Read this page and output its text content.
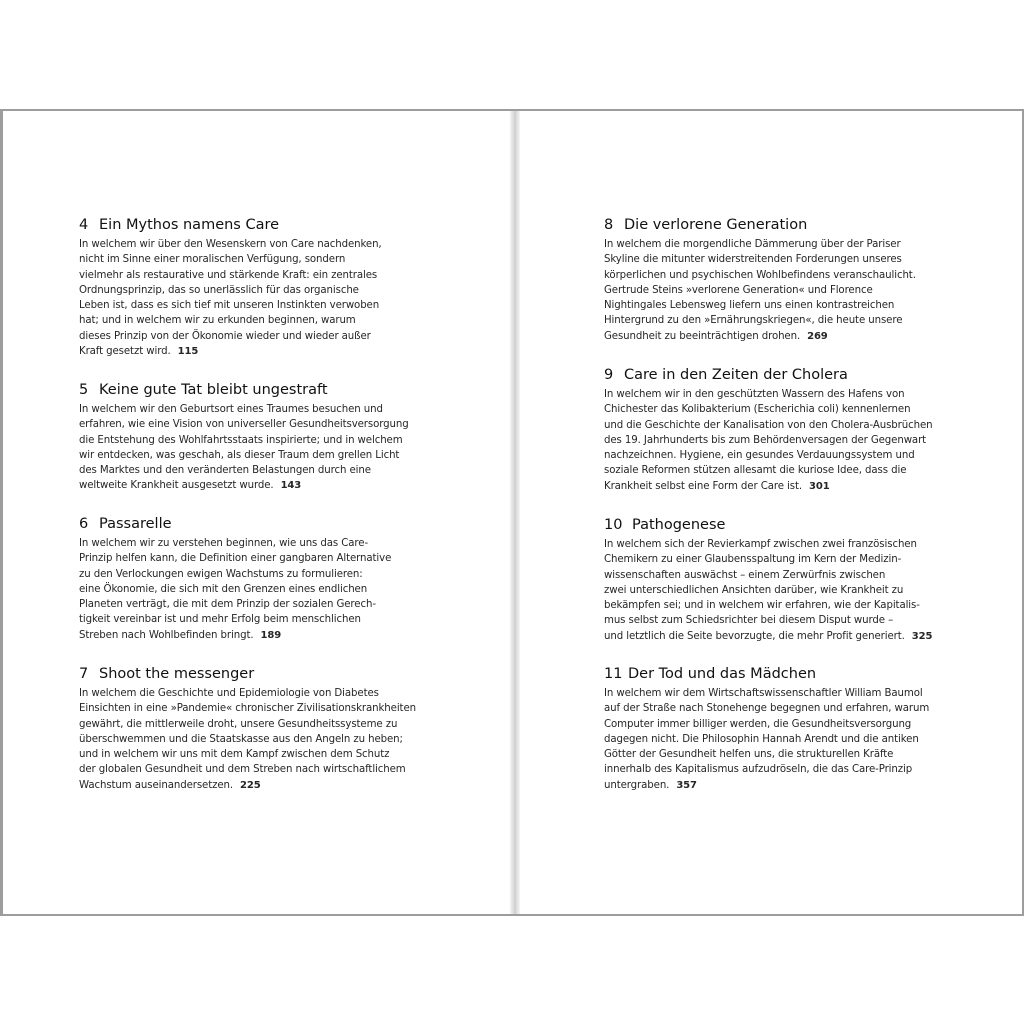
4 Ein Mythos namens Care
In welchem wir über den Wesenskern von Care nachdenken,
nicht im Sinne einer moralischen Verfügung, sondern
vielmehr als restaurative und stärkende Kraft: ein zentrales
Ordnungsprinzip, das so unerlässlich für das organische
Leben ist, dass es sich tief mit unseren Instinkten verwoben
hat; und in welchem wir zu erkunden beginnen, warum
dieses Prinzip von der Ökonomie wieder und wieder außer
Kraft gesetzt wird. 115
5 Keine gute Tat bleibt ungestraft
In welchem wir den Geburtsort eines Traumes besuchen und
erfahren, wie eine Vision von universeller Gesundheitsversorgung
die Entstehung des Wohlfahrtsstaats inspirierte; und in welchem
wir entdecken, was geschah, als dieser Traum dem grellen Licht
des Marktes und den veränderten Belastungen durch eine
weltweite Krankheit ausgesetzt wurde. 143
6 Passarelle
In welchem wir zu verstehen beginnen, wie uns das Care-
Prinzip helfen kann, die Definition einer gangbaren Alternative
zu den Verlockungen ewigen Wachstums zu formulieren:
eine Ökonomie, die sich mit den Grenzen eines endlichen
Planeten verträgt, die mit dem Prinzip der sozialen Gerech-
tigkeit vereinbar ist und mehr Erfolg beim menschlichen
Streben nach Wohlbefinden bringt. 189
7 Shoot the messenger
In welchem die Geschichte und Epidemiologie von Diabetes
Einsichten in eine »Pandemie« chronischer Zivilisationskrankheiten
gewährt, die mittlerweile droht, unsere Gesundheitssysteme zu
überschwemmen und die Staatskasse aus den Angeln zu heben;
und in welchem wir uns mit dem Kampf zwischen dem Schutz
der globalen Gesundheit und dem Streben nach wirtschaftlichem
Wachstum auseinandersetzen. 225
8 Die verlorene Generation
In welchem die morgendliche Dämmerung über der Pariser
Skyline die mitunter widerstreitenden Forderungen unseres
körperlichen und psychischen Wohlbefindens veranschaulicht.
Gertrude Steins »verlorene Generation« und Florence
Nightingales Lebensweg liefern uns einen kontrastreichen
Hintergrund zu den »Ernährungskriegen«, die heute unsere
Gesundheit zu beeinträchtigen drohen. 269
9 Care in den Zeiten der Cholera
In welchem wir in den geschützten Wassern des Hafens von
Chichester das Kolibakterium (Escherichia coli) kennenlernen
und die Geschichte der Kanalisation von den Cholera-Ausbrüchen
des 19. Jahrhunderts bis zum Behördenversagen der Gegenwart
nachzeichnen. Hygiene, ein gesundes Verdauungssystem und
soziale Reformen stützen allesamt die kuriose Idee, dass die
Krankheit selbst eine Form der Care ist. 301
10 Pathogenese
In welchem sich der Revierkampf zwischen zwei französischen
Chemikern zu einer Glaubensspaltung im Kern der Medizin-
wissenschaften auswächst – einem Zerwürfnis zwischen
zwei unterschiedlichen Ansichten darüber, wie Krankheit zu
bekämpfen sei; und in welchem wir erfahren, wie der Kapitalis-
mus selbst zum Schiedsrichter bei diesem Disput wurde –
und letztlich die Seite bevorzugte, die mehr Profit generiert. 325
11 Der Tod und das Mädchen
In welchem wir dem Wirtschaftswissenschaftler William Baumol
auf der Straße nach Stonehenge begegnen und erfahren, warum
Computer immer billiger werden, die Gesundheitsversorgung
dagegen nicht. Die Philosophin Hannah Arendt und die antiken
Götter der Gesundheit helfen uns, die strukturellen Kräfte
innerhalb des Kapitalismus aufzudröseln, die das Care-Prinzip
untergraben. 357
